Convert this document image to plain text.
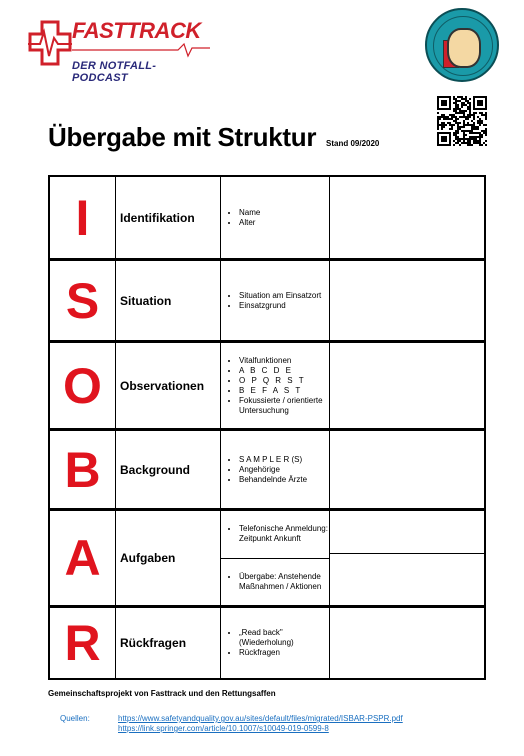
FASTTRACK
DER NOTFALL-PODCAST
Übergabe mit Struktur Stand 09/2020
I	Identifikation	• Name
• Alter
S	Situation	• Situation am Einsatzort
• Einsatzgrund
O	Observationen
• Vitalfunktionen
• A B C D E
• O P Q R S T
• B E F A S T
• Fokussierte / orientierte Untersuchung
B	Background
• S A M P L E R (S)
• Angehörige
• Behandelnde Ärzte
A	Aufgaben
• Telefonische Anmeldung: Zeitpunkt Ankunft
• Übergabe: Anstehende Maßnahmen / Aktionen
R	Rückfragen
• „Read back" (Wiederholung)
• Rückfragen
Gemeinschaftsprojekt von Fasttrack und den Rettungsaffen
Quellen:	https://www.safetyandquality.gov.au/sites/default/files/migrated/ISBAR-PSPR.pdf
https://link.springer.com/article/10.1007/s10049-019-0599-8
